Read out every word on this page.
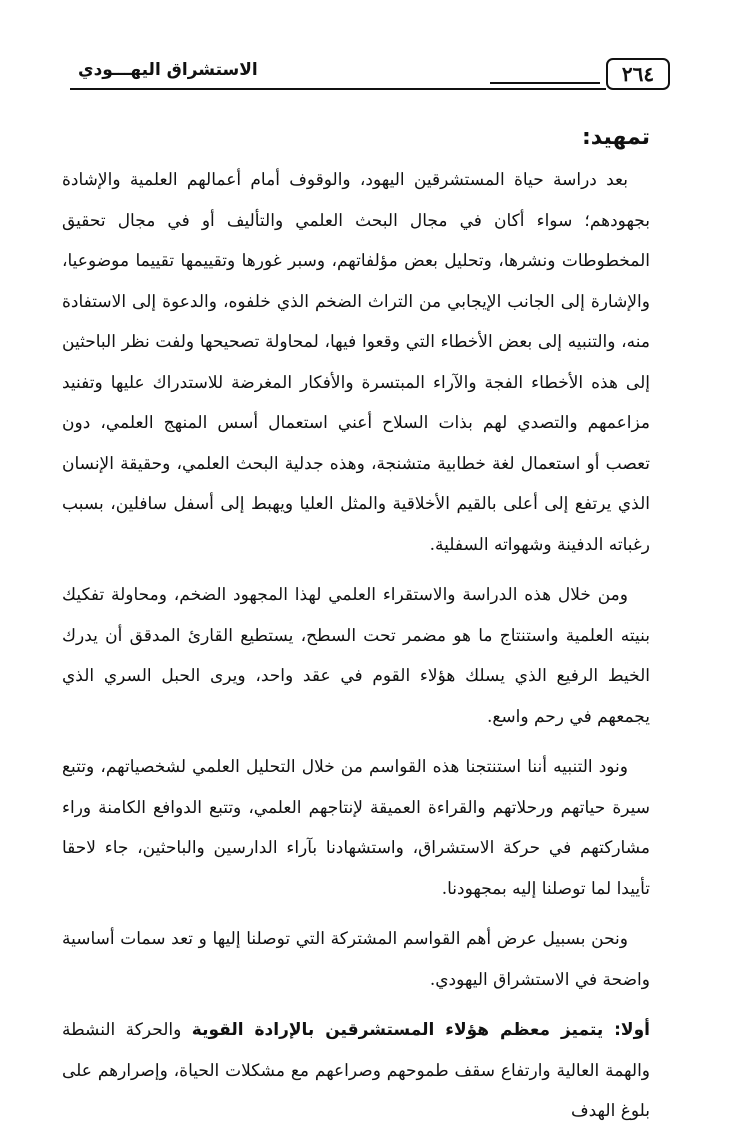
٢٦٤
الاستشراق اليهـــودي
تمهيد:

بعد دراسة حياة المستشرقين اليهود، والوقوف أمام أعمالهم العلمية والإشادة بجهودهم؛ سواء أكان في مجال البحث العلمي والتأليف أو في مجال تحقيق المخطوطات ونشرها، وتحليل بعض مؤلفاتهم، وسبر غورها وتقييمها تقييما موضوعيا، والإشارة إلى الجانب الإيجابي من التراث الضخم الذي خلفوه، والدعوة إلى الاستفادة منه، والتنبيه إلى بعض الأخطاء التي وقعوا فيها، لمحاولة تصحيحها ولفت نظر الباحثين إلى هذه الأخطاء الفجة والآراء المبتسرة والأفكار المغرضة للاستدراك عليها وتفنيد مزاعمهم والتصدي لهم بذات السلاح أعني استعمال أسس المنهج العلمي، دون تعصب أو استعمال لغة خطابية متشنجة، وهذه جدلية البحث العلمي، وحقيقة الإنسان الذي يرتفع إلى أعلى بالقيم الأخلاقية والمثل العليا ويهبط إلى أسفل سافلين، بسبب رغباته الدفينة وشهواته السفلية.

ومن خلال هذه الدراسة والاستقراء العلمي لهذا المجهود الضخم، ومحاولة تفكيك بنيته العلمية واستنتاج ما هو مضمر تحت السطح، يستطيع القارئ المدقق أن يدرك الخيط الرفيع الذي يسلك هؤلاء القوم في عقد واحد، ويرى الحبل السري الذي يجمعهم في رحم واسع.

ونود التنبيه أننا استنتجنا هذه القواسم من خلال التحليل العلمي لشخصياتهم، وتتبع سيرة حياتهم ورحلاتهم والقراءة العميقة لإنتاجهم العلمي، وتتبع الدوافع الكامنة وراء مشاركتهم في حركة الاستشراق، واستشهادنا بآراء الدارسين والباحثين، جاء لاحقا تأييدا لما توصلنا إليه بمجهودنا.

ونحن بسبيل عرض أهم القواسم المشتركة التي توصلنا إليها و تعد سمات أساسية واضحة في الاستشراق اليهودي.

أولا: يتميز معظم هؤلاء المستشرقين بالإرادة القوية والحركة النشطة والهمة العالية وارتفاع سقف طموحهم وصراعهم مع مشكلات الحياة، وإصرارهم على بلوغ الهدف
